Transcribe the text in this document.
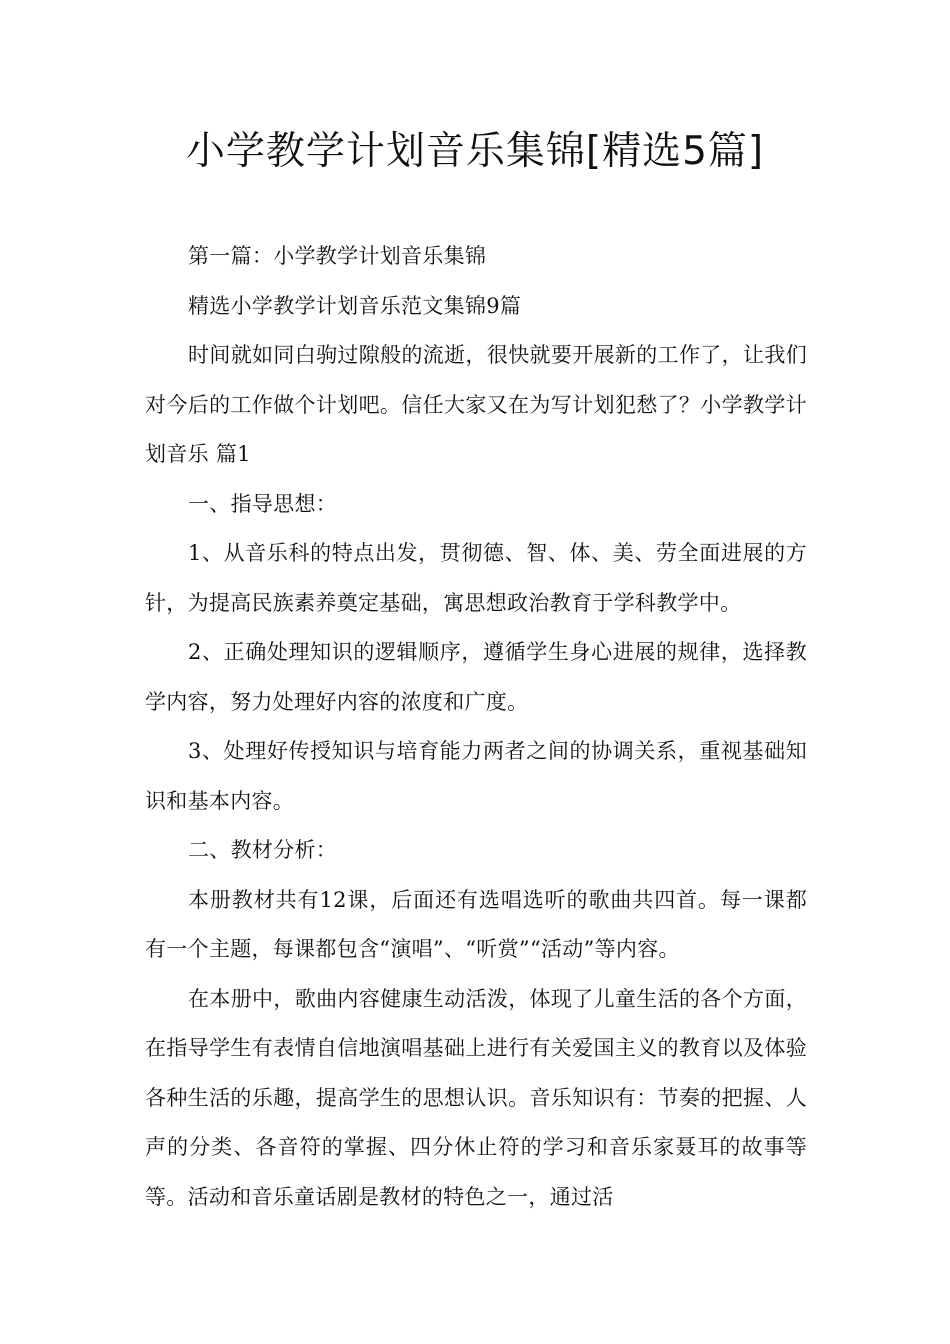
小学教学计划音乐集锦[精选5篇]

第一篇：小学教学计划音乐集锦

精选小学教学计划音乐范文集锦9篇

时间就如同白驹过隙般的流逝，很快就要开展新的工作了，让我们对今后的工作做个计划吧。信任大家又在为写计划犯愁了？小学教学计划音乐 篇1

一、指导思想：

1、从音乐科的特点出发，贯彻德、智、体、美、劳全面进展的方针，为提高民族素养奠定基础，寓思想政治教育于学科教学中。

2、正确处理知识的逻辑顺序，遵循学生身心进展的规律，选择教学内容，努力处理好内容的浓度和广度。

3、处理好传授知识与培育能力两者之间的协调关系，重视基础知识和基本内容。

二、教材分析：

本册教材共有12课，后面还有选唱选听的歌曲共四首。每一课都有一个主题，每课都包含“演唱”、“听赏”“活动”等内容。

在本册中，歌曲内容健康生动活泼，体现了儿童生活的各个方面，在指导学生有表情自信地演唱基础上进行有关爱国主义的教育以及体验各种生活的乐趣，提高学生的思想认识。音乐知识有：节奏的把握、人声的分类、各音符的掌握、四分休止符的学习和音乐家聂耳的故事等等。活动和音乐童话剧是教材的特色之一，通过活
